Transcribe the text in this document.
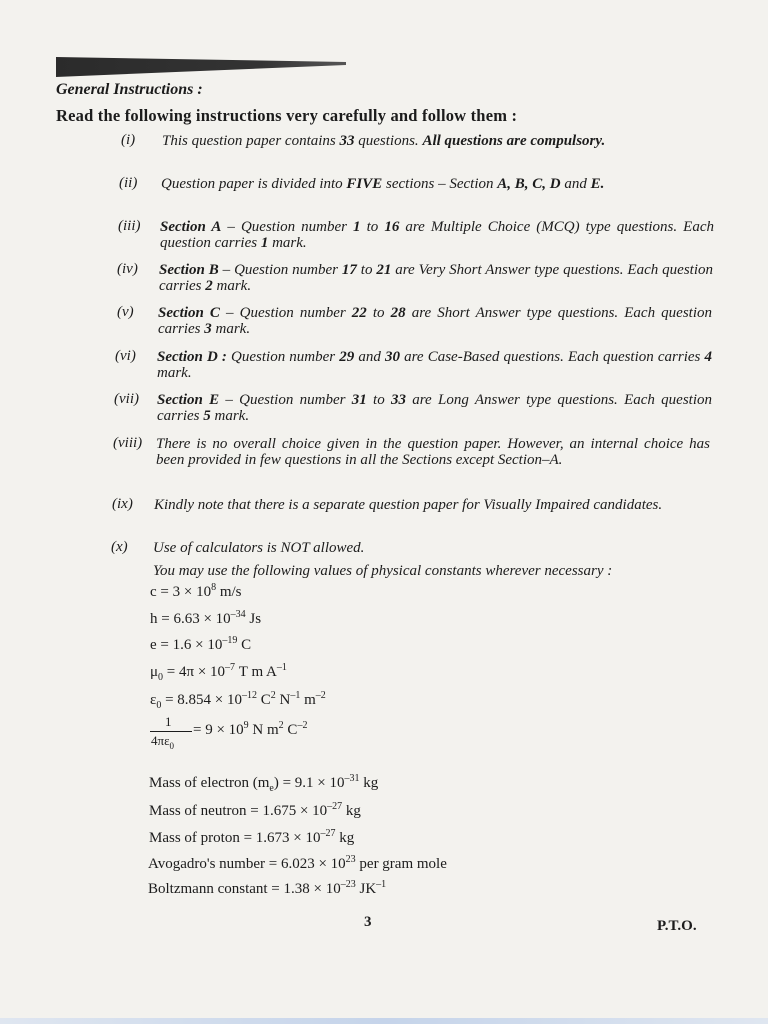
General Instructions :
Read the following instructions very carefully and follow them :
(i)	This question paper contains 33 questions. All questions are compulsory.
(ii)	Question paper is divided into FIVE sections – Section A, B, C, D and E.
(iii)	Section A – Question number 1 to 16 are Multiple Choice (MCQ) type questions. Each question carries 1 mark.
(iv)	Section B – Question number 17 to 21 are Very Short Answer type questions. Each question carries 2 mark.
(v)	Section C – Question number 22 to 28 are Short Answer type questions. Each question carries 3 mark.
(vi)	Section D : Question number 29 and 30 are Case-Based questions. Each question carries 4 mark.
(vii)	Section E – Question number 31 to 33 are Long Answer type questions. Each question carries 5 mark.
(viii) There is no overall choice given in the question paper. However, an internal choice has been provided in few questions in all the Sections except Section–A.
(ix)	Kindly note that there is a separate question paper for Visually Impaired candidates.
(x)	Use of calculators is NOT allowed.
You may use the following values of physical constants wherever necessary :
$c = 3 \times 10^8$ m/s
$h = 6.63 \times 10^{-34}$ Js
$e = 1.6 \times 10^{-19}$ C
$\mu_0 = 4\pi \times 10^{-7}$ T m $A^{-1}$
$\varepsilon_0 = 8.854 \times 10^{-12}$ $C^2$ $N^{-1}$ $m^{-2}$
1
$4\pi\varepsilon_0$
= $9 \times 10^9$ N $m^2$ $C^{-2}$
Mass of electron $(m_e) = 9.1 \times 10^{-31}$ kg
Mass of neutron = $1.675 \times 10^{-27}$ kg
Mass of proton = $1.673 \times 10^{-27}$ kg
Avogadro's number = $6.023 \times 10^{23}$ per gram mole
Boltzmann constant = $1.38 \times 10^{-23}$ $JK^{-1}$
3	P.T.O.
